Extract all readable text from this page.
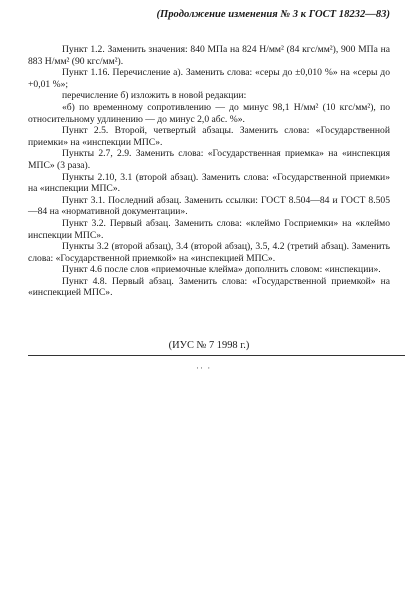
(Продолжение изменения № 3 к ГОСТ 18232—83)

Пункт 1.2. Заменить значения: 840 МПа на 824 Н/мм² (84 кгс/мм²), 900 МПа на 883 Н/мм² (90 кгс/мм²).

Пункт 1.16. Перечисление а). Заменить слова: «серы до ±0,010 %» на «серы до +0,01 %»;

перечисление б) изложить в новой редакции:

«б) по временному сопротивлению — до минус 98,1 Н/мм² (10 кгс/мм²), по относительному удлинению — до минус 2,0 абс. %».

Пункт 2.5. Второй, четвертый абзацы. Заменить слова: «Государственной приемки» на «инспекции МПС».

Пункты 2.7, 2.9. Заменить слова: «Государственная приемка» на «инспекция МПС» (3 раза).

Пункты 2.10, 3.1 (второй абзац). Заменить слова: «Государственной приемки» на «инспекции МПС».

Пункт 3.1. Последний абзац. Заменить ссылки: ГОСТ 8.504—84 и ГОСТ 8.505—84 на «нормативной документации».

Пункт 3.2. Первый абзац. Заменить слова: «клеймо Госприемки» на «клеймо инспекции МПС».

Пункты 3.2 (второй абзац), 3.4 (второй абзац), 3.5, 4.2 (третий абзац). Заменить слова: «Государственной приемкой» на «инспекцией МПС».

Пункт 4.6 после слов «приемочные клейма» дополнить словом: «инспекции».

Пункт 4.8. Первый абзац. Заменить слова: «Государственной приемкой» на «инспекцией МПС».

(ИУС № 7 1998 г.)
·· ·
